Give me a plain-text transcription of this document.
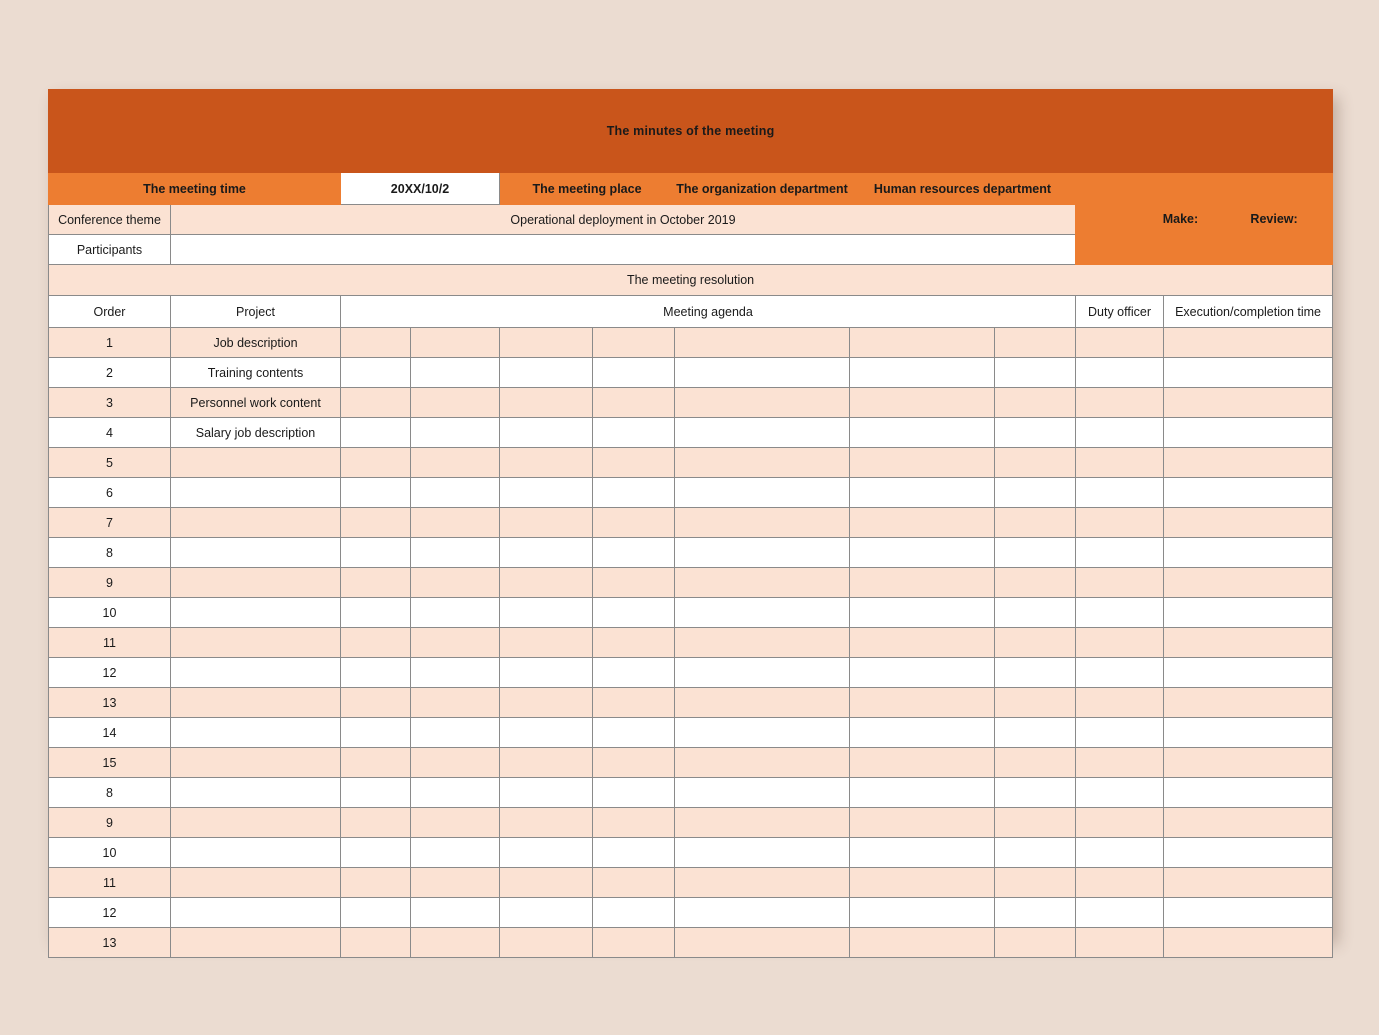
The minutes of the meeting										
The meeting time		20XX/10/2		The meeting place		The organization department	Human resources department		Make: Review:	
Conference theme	Operational deployment in October 2019									
Participants										
The meeting resolution										
Order	Project	Meeting agenda							Duty officer	Execution/completion time
1	Job description									
2	Training contents									
3	Personnel work content									
4	Salary job description									
5										
6										
7										
8										
9										
10										
11										
12										
13										
14										
15										
8										
9										
10										
11										
12										
13										
